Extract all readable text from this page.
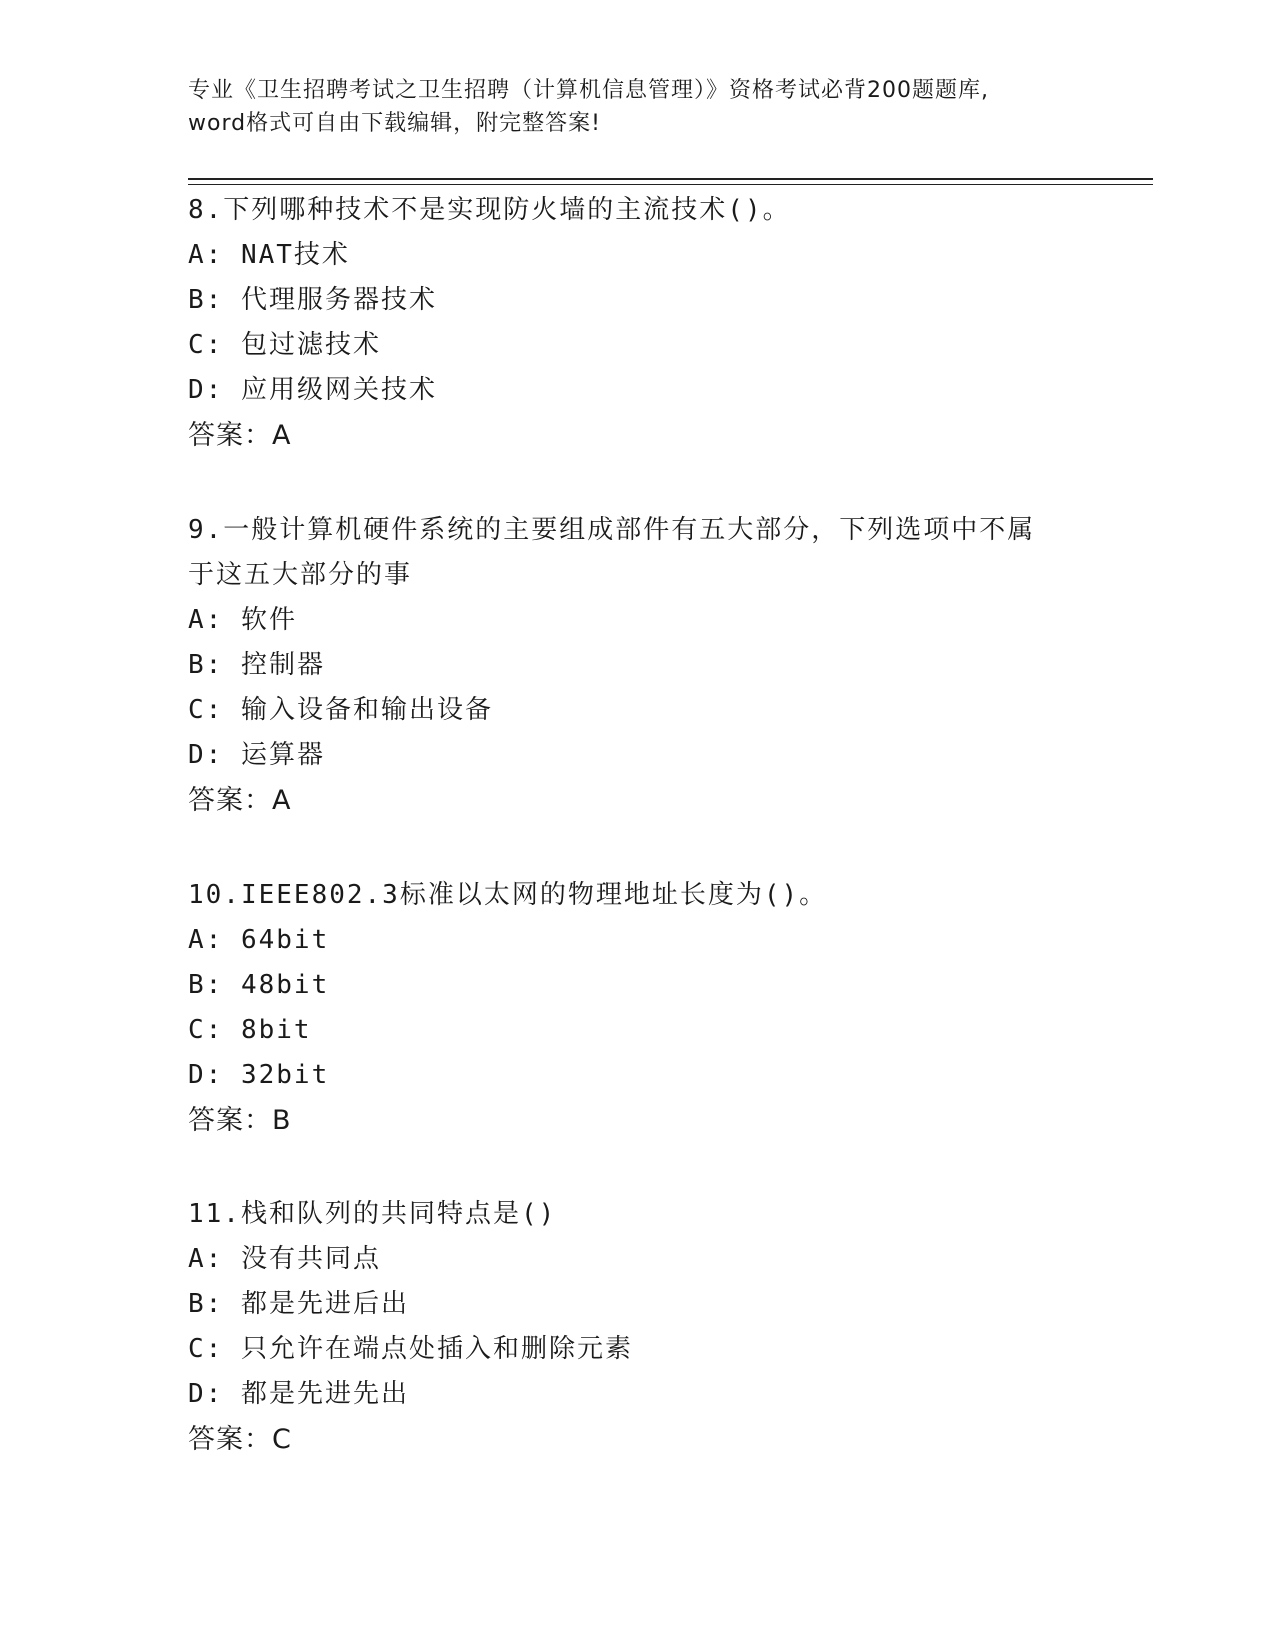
专业《卫生招聘考试之卫生招聘（计算机信息管理）》资格考试必背200题题库,
word格式可自由下载编辑，附完整答案!
8.下列哪种技术不是实现防火墙的主流技术()。
A: NAT技术
B: 代理服务器技术
C: 包过滤技术
D: 应用级网关技术
答案：A
9.一般计算机硬件系统的主要组成部件有五大部分，下列选项中不属
于这五大部分的事
A: 软件
B: 控制器
C: 输入设备和输出设备
D: 运算器
答案：A
10.IEEE802.3标准以太网的物理地址长度为()。
A: 64bit
B: 48bit
C: 8bit
D: 32bit
答案：B
11.栈和队列的共同特点是()
A: 没有共同点
B: 都是先进后出
C: 只允许在端点处插入和删除元素
D: 都是先进先出
答案：C
